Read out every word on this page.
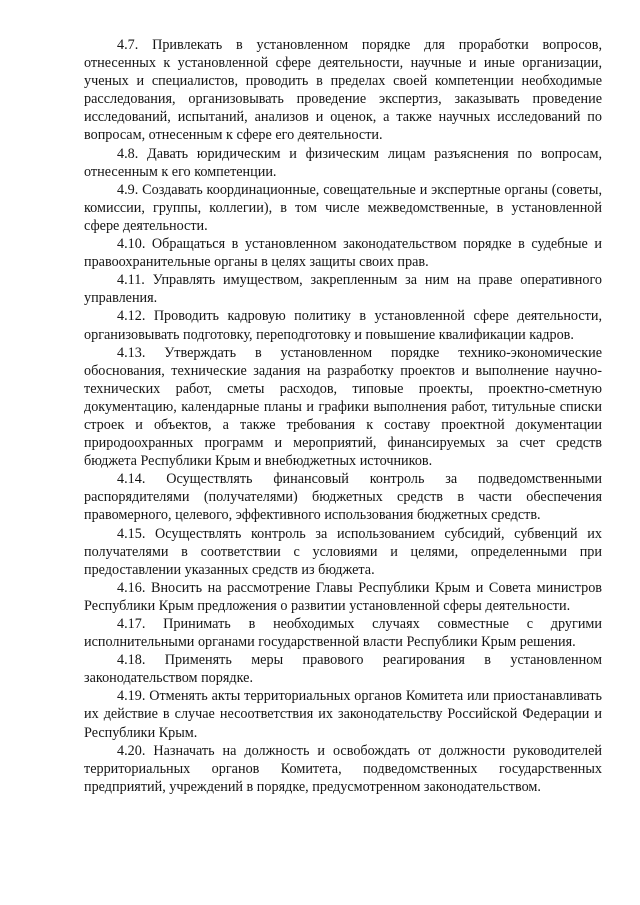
4.7. Привлекать в установленном порядке для проработки вопросов, отнесенных к установленной сфере деятельности, научные и иные организации, ученых и специалистов, проводить в пределах своей компетенции необходимые расследования, организовывать проведение экспертиз, заказывать проведение исследований, испытаний, анализов и оценок, а также научных исследований по вопросам, отнесенным к сфере его деятельности.

4.8. Давать юридическим и физическим лицам разъяснения по вопросам, отнесенным к его компетенции.

4.9. Создавать координационные, совещательные и экспертные органы (советы, комиссии, группы, коллегии), в том числе межведомственные, в установленной сфере деятельности.

4.10. Обращаться в установленном законодательством порядке в судебные и правоохранительные органы в целях защиты своих прав.

4.11. Управлять имуществом, закрепленным за ним на праве оперативного управления.

4.12. Проводить кадровую политику в установленной сфере деятельности, организовывать подготовку, переподготовку и повышение квалификации кадров.

4.13. Утверждать в установленном порядке технико-экономические обоснования, технические задания на разработку проектов и выполнение научно-технических работ, сметы расходов, типовые проекты, проектно-сметную документацию, календарные планы и графики выполнения работ, титульные списки строек и объектов, а также требования к составу проектной документации природоохранных программ и мероприятий, финансируемых за счет средств бюджета Республики Крым и внебюджетных источников.

4.14. Осуществлять финансовый контроль за подведомственными распорядителями (получателями) бюджетных средств в части обеспечения правомерного, целевого, эффективного использования бюджетных средств.

4.15. Осуществлять контроль за использованием субсидий, субвенций их получателями в соответствии с условиями и целями, определенными при предоставлении указанных средств из бюджета.

4.16. Вносить на рассмотрение Главы Республики Крым и Совета министров Республики Крым предложения о развитии установленной сферы деятельности.

4.17. Принимать в необходимых случаях совместные с другими исполнительными органами государственной власти Республики Крым решения.

4.18. Применять меры правового реагирования в установленном законодательством порядке.

4.19. Отменять акты территориальных органов Комитета или приостанавливать их действие в случае несоответствия их законодательству Российской Федерации и Республики Крым.

4.20. Назначать на должность и освобождать от должности руководителей территориальных органов Комитета, подведомственных государственных предприятий, учреждений в порядке, предусмотренном законодательством.
